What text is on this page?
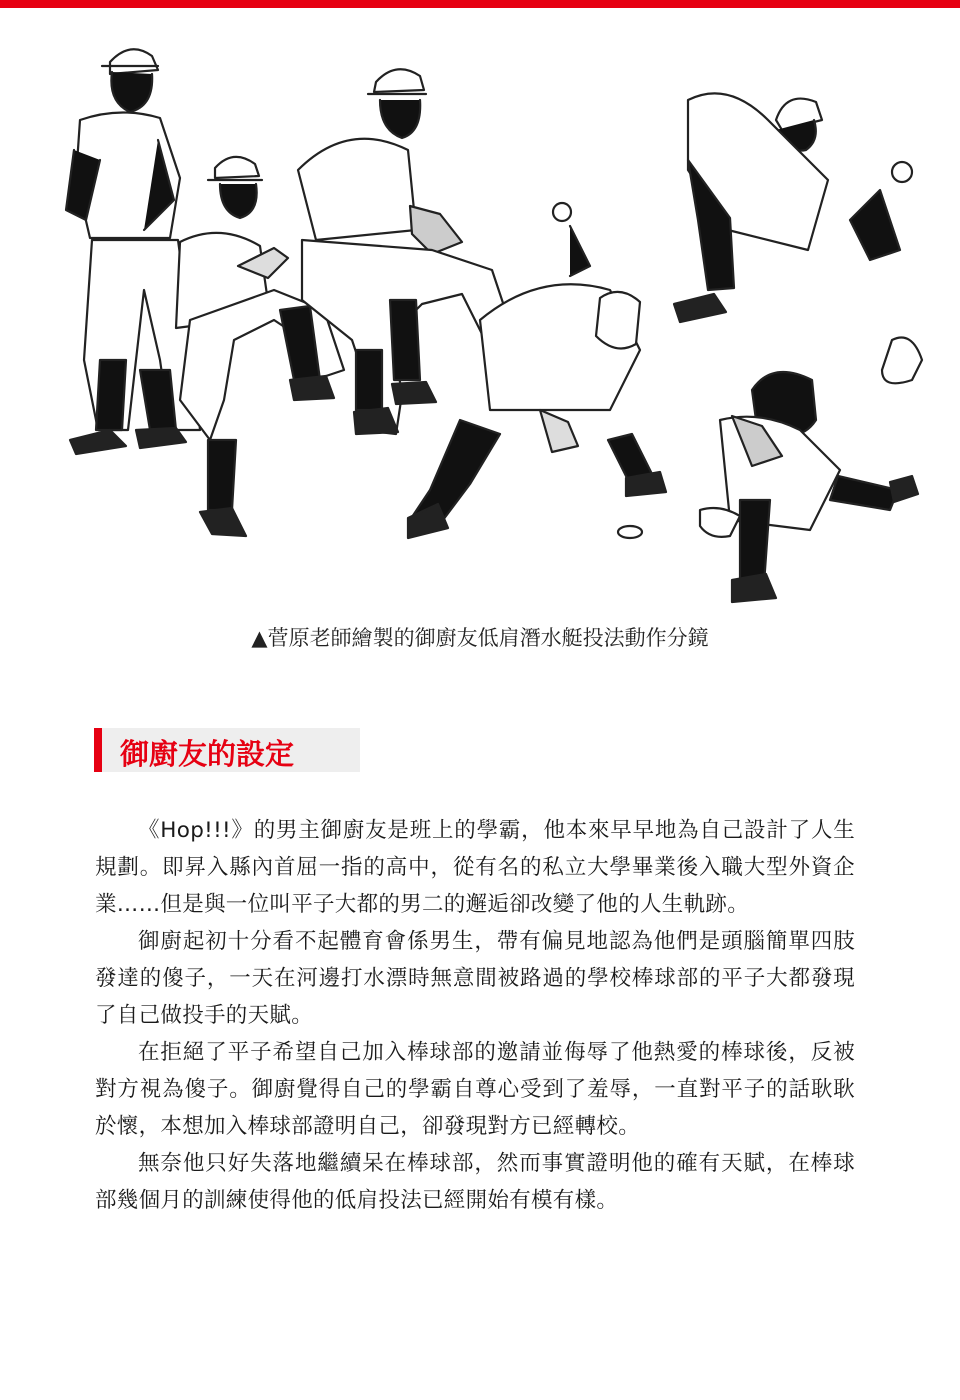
▲菅原老師繪製的御廚友低肩潛水艇投法動作分鏡
御廚友的設定

《Hop!!!》的男主御廚友是班上的學霸，他本來早早地為自己設計了人生規劃。即昇入縣內首屈一指的高中，從有名的私立大學畢業後入職大型外資企業……但是與一位叫平子大都的男二的邂逅卻改變了他的人生軌跡。

御廚起初十分看不起體育會係男生，帶有偏見地認為他們是頭腦簡單四肢發達的傻子，一天在河邊打水漂時無意間被路過的學校棒球部的平子大都發現了自己做投手的天賦。

在拒絕了平子希望自己加入棒球部的邀請並侮辱了他熱愛的棒球後，反被對方視為傻子。御廚覺得自己的學霸自尊心受到了羞辱，一直對平子的話耿耿於懷，本想加入棒球部證明自己，卻發現對方已經轉校。

無奈他只好失落地繼續呆在棒球部，然而事實證明他的確有天賦，在棒球部幾個月的訓練使得他的低肩投法已經開始有模有樣。
